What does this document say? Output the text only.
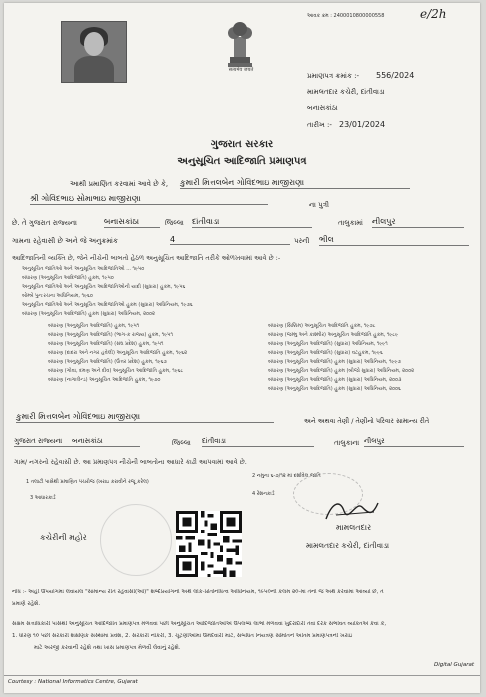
e/2h
આવક ક્રમ : 2400010800000558
सत्यमेव जयते
પ્રમાણપત્ર ક્રમાંક :- 556/2024
મામલતદાર કચેરી, દાંતીવાડા
બનાસકાંઠા
તારીખ :- 23/01/2024
ગુજરાત સરકાર
અનુસૂચિત આદિજાતિ પ્રમાણપત્ર
આથી પ્રમાણિત કરવામાં આવે છે કે, કુમારી મિત્તલબેન ગોવિંદભાઇ માજીરાણા
શ્રી ગોવિંદભાઇ સોમાભાઇ માજીરાણા
ના પુત્રી
છે. તે ગુજરાત રાજ્યના	બનાસકાંઠા	જિલ્લા દાંતીવાડા	તાલુકામાં નીલપુર
ગામના રહેવાસી છે અને જે અનુક્રમાંક	4	પરની ભીલ
આદિજાતિની વ્યક્તિ છે, જેને નીચેની બાબતો હેઠળ અનુસૂચિત આદિજાતિ તરીકે ઓળખવામાં આવે છે :-
અનુસૂચિત જાતિઓ અને અનુસૂચિત આદિજાતિઓ ... ૧૯૫૦
બંધારણ (અનુસૂચિત આદિજાતિ) હુકમ, ૧૯૫૦
અનુસૂચિત જાતિઓ અને અનુસૂચિત આદિજાતિઓની યાદી (સુધારા) હુકમ, ૧૯૫૬
બોમ્બે પુનઃરચના અધિનિયમ, ૧૯૬૦
અનુસૂચિત જાતિઓ અને અનુસૂચિત આદિજાતિઓ હુકમ (સુધારા) અધિનિયમ, ૧૯૭૬
બંધારણ (અનુસૂચિત આદિજાતિ) હુકમ (સુધારા) અધિનિયમ, ૨૦૦૨
બંધારણ (અનુસૂચિત આદિજાતિ) હુકમ, ૧૯૫૧
બંધારણ (અનુસૂચિત આદિજાતિ) (ભાગ-ક રાજ્ય) હુકમ, ૧૯૫૧
બંધારણ (અનુસૂચિત આદિજાતિ) (સંઘ પ્રદેશ) હુકમ, ૧૯૫૧
બંધારણ (દાદરા અને નગર હવેલી) અનુસૂચિત આદિજાતિ હુકમ, ૧૯૬૨
બંધારણ (અનુસૂચિત આદિજાતિ) (ઉત્તર પ્રદેશ) હુકમ, ૧૯૬૭
બંધારણ (ગોવા, દમણ અને દીવ) અનુસૂચિત આદિજાતિ હુકમ, ૧૯૬૮
બંધારણ (નાગાલેન્ડ) અનુસૂચિત આદિજાતિ હુકમ, ૧૯૭૦
બંધારણ (સિક્કિમ) અનુસૂચિત આદિજાતિ હુકમ, ૧૯૭૮
બંધારણ (જમ્મુ અને કાશ્મીર) અનુસૂચિત આદિજાતિ હુકમ, ૧૯૮૯
બંધારણ (અનુસૂચિત આદિજાતિ) (સુધારા) અધિનિયમ, ૧૯૯૧
બંધારણ (અનુસૂચિત આદિજાતિ) (સુધારા) વટહુકમ, ૧૯૯૬
બંધારણ (અનુસૂચિત આદિજાતિ) હુકમ (સુધારા) અધિનિયમ, ૧૯૯૭
બંધારણ (અનુસૂચિત આદિજાતિ) હુકમ (બીજો સુધારા) અધિનિયમ, ૨૦૦૨
બંધારણ (અનુસૂચિત આદિજાતિ) હુકમ (સુધારા) અધિનિયમ, ૨૦૦૩
બંધારણ (અનુસૂચિત આદિજાતિ) હુકમ (સુધારા) અધિનિયમ, ૨૦૦૬
કુમારી મિત્તલબેન ગોવિંદભાઇ માજીરાણા	અને અથવા તેણી / તેણીનો પરિવાર સામાન્ય રીતે
ગુજરાત રાજ્યના	બનાસકાંઠા	જિલ્લા દાંતીવાડા	તાલુકાના નીલપુર
ગામ/ નગરનો રહેવાસી છે. આ પ્રમાણપત્ર નીચેની બાબતોના આધારે કાઢી આપવામાં આવે છે.
1 તલાટી પાસેથી પ્રમાણિત પંચરોજ (ખરાઇ કરાવીને રજૂ કરેલ)
2 નમુના ૬-૭/૧૨ માં દર્શાવેલ જાતિ
3 આધારકાર્ડ
4 રેશનકાર્ડ
કચેરીની મહોર
મામલતદાર
મામલતદાર કચેરી, દાંતીવાડા
નોંધ :- અહીં ઉપયોગમાં લેવાયેલ "સામાન્ય રીતે રહેવાસી(ઓ)" શબ્દપ્રયોગનો અર્થ લોક-પ્રતિનિધિત્વ અધિનિયમ, ૧૯૫૦ની કલમ ૨૦-માં તેનો જે અર્થ કરવામાં આવ્યો છે, તે
પ્રમાણે રહેશે.
સક્ષમ સત્તાધિકારી પાસેથી અનુસૂચિત આદિજાતિ પ્રમાણપત્ર મેળવવા પછી અનુસૂચિત આદિજાતિઓએ ઉપલબ્ધ લાભો મેળવવા ખુદરાદારી તેવા દરેક સંભવિત વ્યક્તિએ કેવા કે,
1. ધોરણ ૧૦ પછી સરકારી શૈક્ષણિક સંસ્થામાં પ્રવેશ, 2. સરકારી નોકરી, 3. ચૂંટણીઓમાં ઉમેદવારી માટે, સંબંધિત નિયંત્રણ સમિતિને અંતિમ પ્રમાણપત્રની ખરાઇ
માટે અરજી કરવાની રહેશે તથા ખાસ પ્રમાણપત્ર મેળવી લેવાનું રહેશે.
Courtesy : National Informatics Centre, Gujarat
Digital Gujarat
